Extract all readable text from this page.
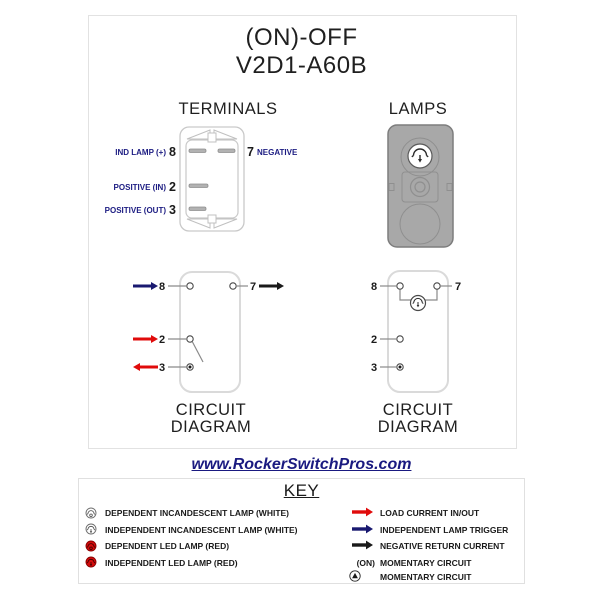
(ON)-OFF
V2D1-A60B
TERMINALS	LAMPS
8	7
2
3
IND LAMP (+)	NEGATIVE
POSITIVE (IN)
POSITIVE (OUT)
8	7
2
3
8	7
2
3
CIRCUIT
DIAGRAM
CIRCUIT
DIAGRAM
www.RockerSwitchPros.com
KEY
DEPENDENT INCANDESCENT LAMP (WHITE)
INDEPENDENT INCANDESCENT LAMP (WHITE)
DEPENDENT LED LAMP (RED)
INDEPENDENT LED LAMP (RED)	(ON)
LOAD CURRENT IN/OUT
INDEPENDENT LAMP TRIGGER
NEGATIVE RETURN CURRENT
MOMENTARY CIRCUIT
MOMENTARY CIRCUIT
